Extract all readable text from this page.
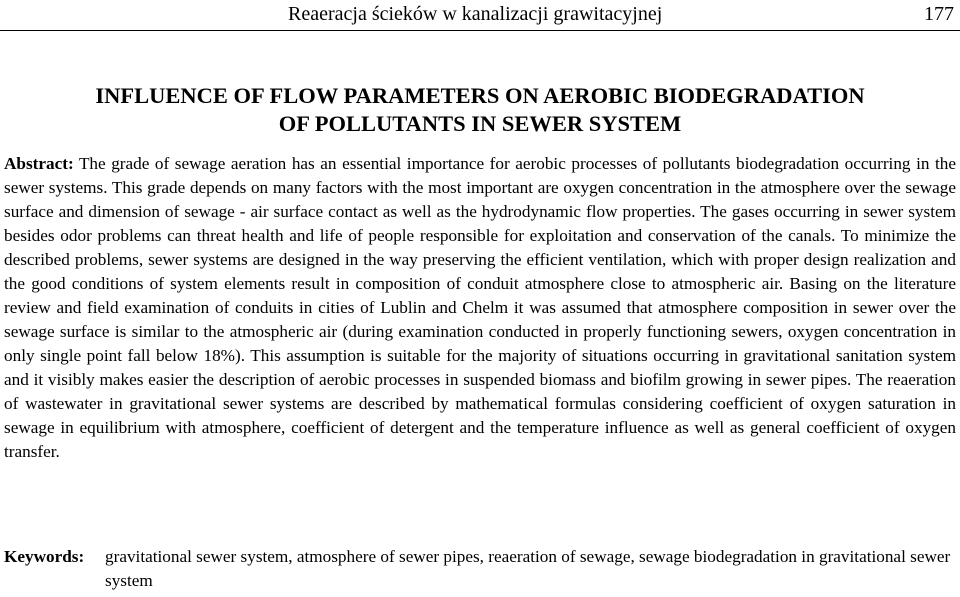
Reaeracja ścieków w kanalizacji grawitacyjnej	177
INFLUENCE OF FLOW PARAMETERS ON AEROBIC BIODEGRADATION
OF POLLUTANTS IN SEWER SYSTEM

Abstract: The grade of sewage aeration has an essential importance for aerobic processes of pollutants biodegradation occurring in the sewer systems. This grade depends on many factors with the most important are oxygen concentration in the atmosphere over the sewage surface and dimension of sewage - air surface contact as well as the hydrodynamic flow properties. The gases occurring in sewer system besides odor problems can threat health and life of people responsible for exploitation and conservation of the canals. To minimize the described problems, sewer systems are designed in the way preserving the efficient ventilation, which with proper design realization and the good conditions of system elements result in composition of conduit atmosphere close to atmospheric air. Basing on the literature review and field examination of conduits in cities of Lublin and Chelm it was assumed that atmosphere composition in sewer over the sewage surface is similar to the atmospheric air (during examination conducted in properly functioning sewers, oxygen concentration in only single point fall below 18%). This assumption is suitable for the majority of situations occurring in gravitational sanitation system and it visibly makes easier the description of aerobic processes in suspended biomass and biofilm growing in sewer pipes. The reaeration of wastewater in gravitational sewer systems are described by mathematical formulas considering coefficient of oxygen saturation in sewage in equilibrium with atmosphere, coefficient of detergent and the temperature influence as well as general coefficient of oxygen transfer.

Keywords: gravitational sewer system, atmosphere of sewer pipes, reaeration of sewage, sewage biodegradation in gravitational sewer system
